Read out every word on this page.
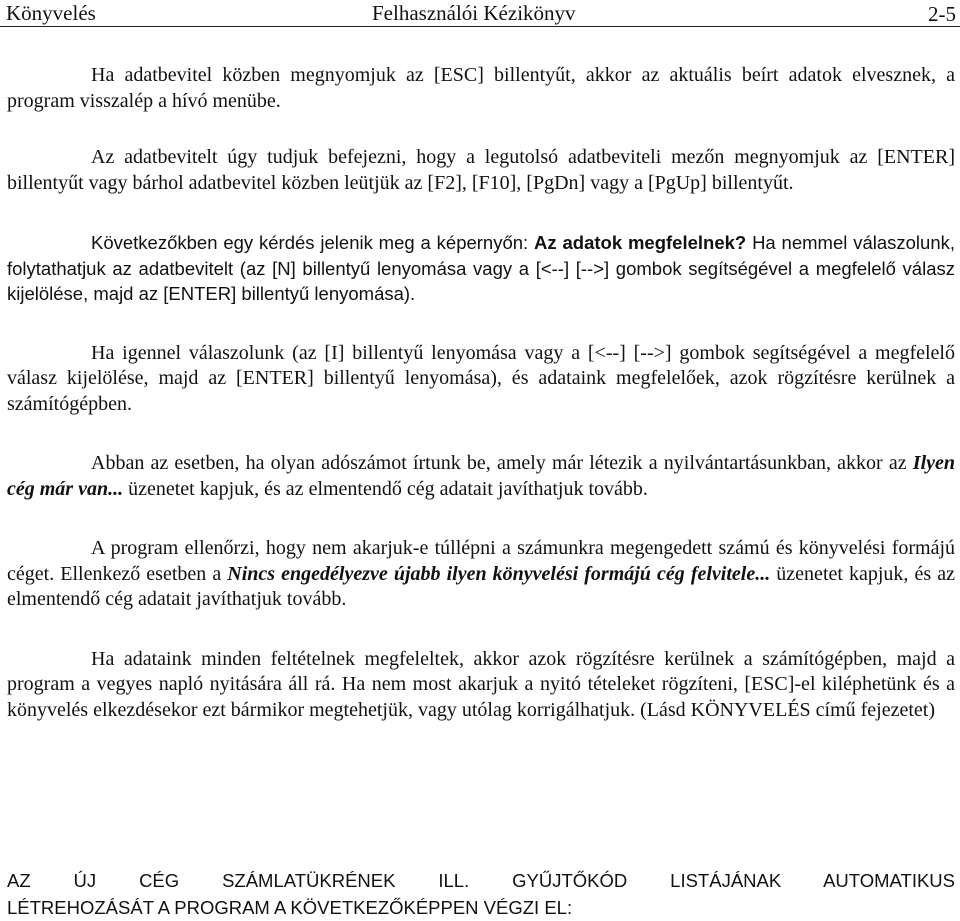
Könyvelés	Felhasználói Kézikönyv	2-5

Ha adatbevitel közben megnyomjuk az [ESC] billentyűt, akkor az aktuális beírt adatok elvesznek, a program visszalép a hívó menübe.

Az adatbevitelt úgy tudjuk befejezni, hogy a legutolsó adatbeviteli mezőn megnyomjuk az [ENTER] billentyűt vagy bárhol adatbevitel közben leütjük az [F2], [F10], [PgDn] vagy a [PgUp] billentyűt.

Következőkben egy kérdés jelenik meg a képernyőn: Az adatok megfelelnek? Ha nemmel válaszolunk, folytathatjuk az adatbevitelt (az [N] billentyű lenyomása vagy a [<--] [-->] gombok segítségével a megfelelő válasz kijelölése, majd az [ENTER] billentyű lenyomása).

Ha igennel válaszolunk (az [I] billentyű lenyomása vagy a [<--] [-->] gombok segítségével a megfelelő válasz kijelölése, majd az [ENTER] billentyű lenyomása), és adataink megfelelőek, azok rögzítésre kerülnek a számítógépben.

Abban az esetben, ha olyan adószámot írtunk be, amely már létezik a nyilvántartásunkban, akkor az Ilyen cég már van... üzenetet kapjuk, és az elmentendő cég adatait javíthatjuk tovább.

A program ellenőrzi, hogy nem akarjuk-e túllépni a számunkra megengedett számú és könyvelési formájú céget. Ellenkező esetben a Nincs engedélyezve újabb ilyen könyvelési formájú cég felvitele... üzenetet kapjuk, és az elmentendő cég adatait javíthatjuk tovább.

Ha adataink minden feltételnek megfeleltek, akkor azok rögzítésre kerülnek a számítógépben, majd a program a vegyes napló nyitására áll rá. Ha nem most akarjuk a nyitó tételeket rögzíteni, [ESC]-el kiléphetünk és a könyvelés elkezdésekor ezt bármikor megtehetjük, vagy utólag korrigálhatjuk. (Lásd KÖNYVELÉS című fejezetet)

AZ ÚJ CÉG SZÁMLATÜKRÉNEK ILL. GYŰJTŐKÓD LISTÁJÁNAK AUTOMATIKUS
LÉTREHOZÁSÁT A PROGRAM A KÖVETKEZŐKÉPPEN VÉGZI EL:
